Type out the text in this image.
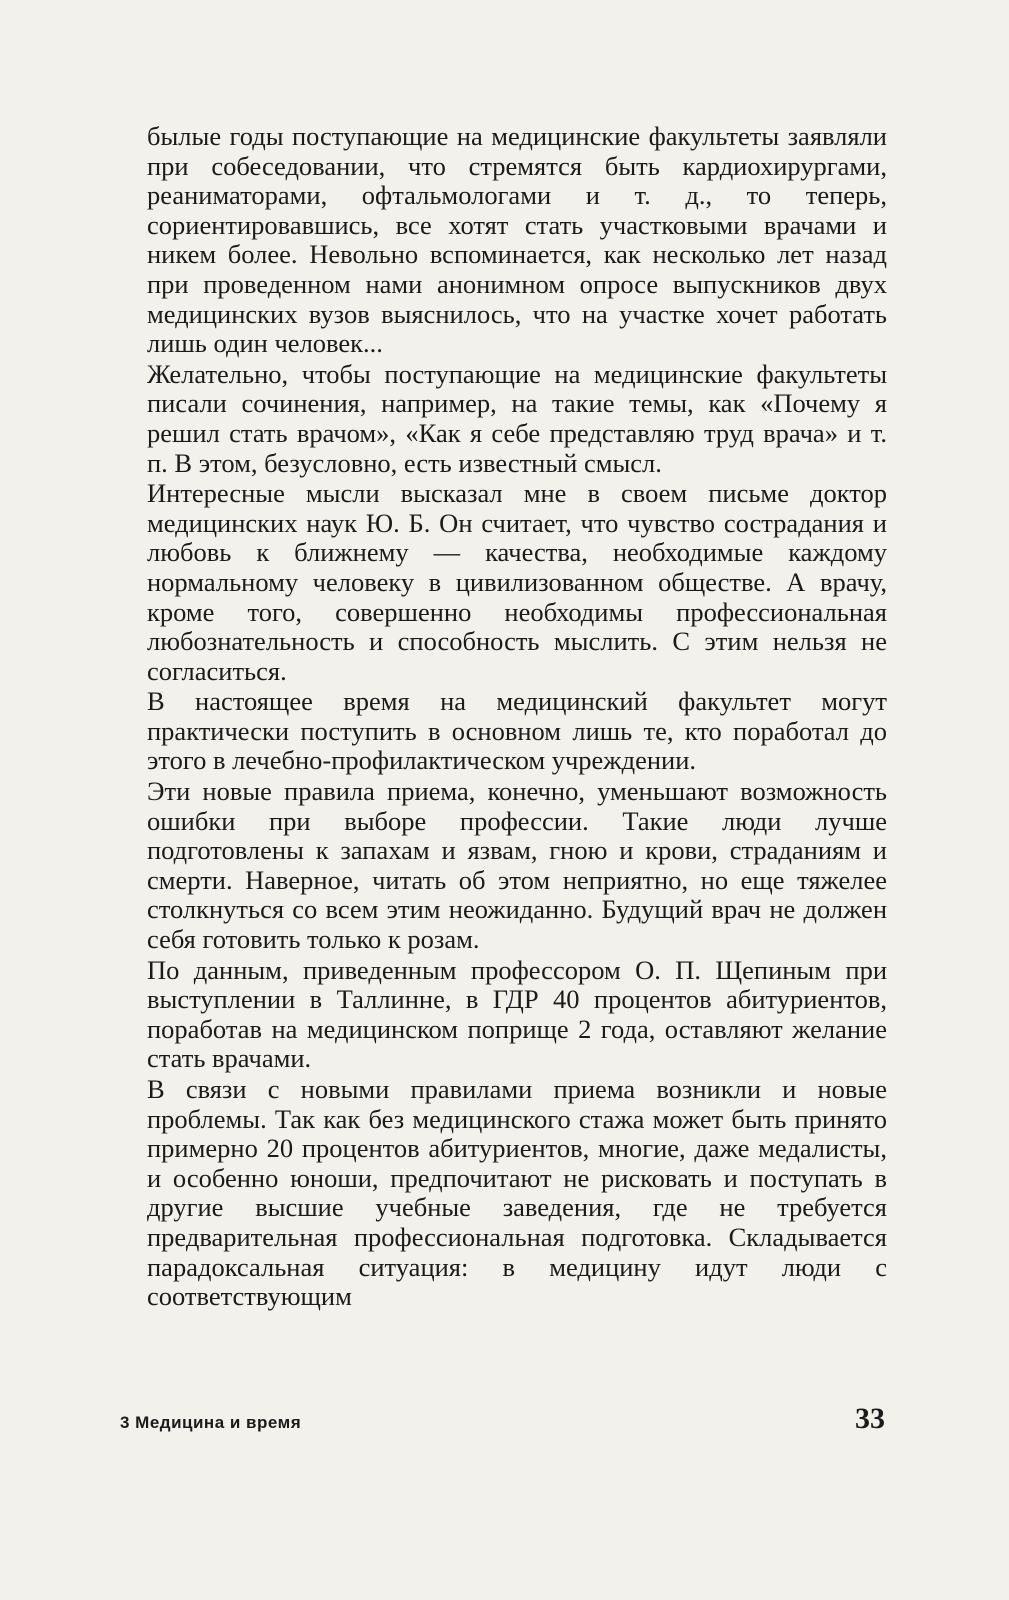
былые годы поступающие на медицинские факультеты заявляли при собеседовании, что стремятся быть кардиохирургами, реаниматорами, офтальмологами и т. д., то теперь, сориентировавшись, все хотят стать участковыми врачами и никем более. Невольно вспоминается, как несколько лет назад при проведенном нами анонимном опросе выпускников двух медицинских вузов выяснилось, что на участке хочет работать лишь один человек...

Желательно, чтобы поступающие на медицинские факультеты писали сочинения, например, на такие темы, как «Почему я решил стать врачом», «Как я себе представляю труд врача» и т. п. В этом, безусловно, есть известный смысл.

Интересные мысли высказал мне в своем письме доктор медицинских наук Ю. Б. Он считает, что чувство сострадания и любовь к ближнему — качества, необходимые каждому нормальному человеку в цивилизованном обществе. А врачу, кроме того, совершенно необходимы профессиональная любознательность и способность мыслить. С этим нельзя не согласиться.

В настоящее время на медицинский факультет могут практически поступить в основном лишь те, кто поработал до этого в лечебно-профилактическом учреждении.

Эти новые правила приема, конечно, уменьшают возможность ошибки при выборе профессии. Такие люди лучше подготовлены к запахам и язвам, гною и крови, страданиям и смерти. Наверное, читать об этом неприятно, но еще тяжелее столкнуться со всем этим неожиданно. Будущий врач не должен себя готовить только к розам.

По данным, приведенным профессором О. П. Щепиным при выступлении в Таллинне, в ГДР 40 процентов абитуриентов, поработав на медицинском поприще 2 года, оставляют желание стать врачами.

В связи с новыми правилами приема возникли и новые проблемы. Так как без медицинского стажа может быть принято примерно 20 процентов абитуриентов, многие, даже медалисты, и особенно юноши, предпочитают не рисковать и поступать в другие высшие учебные заведения, где не требуется предварительная профессиональная подготовка. Складывается парадоксальная ситуация: в медицину идут люди с соответствующим

3 Медицина и время	33
